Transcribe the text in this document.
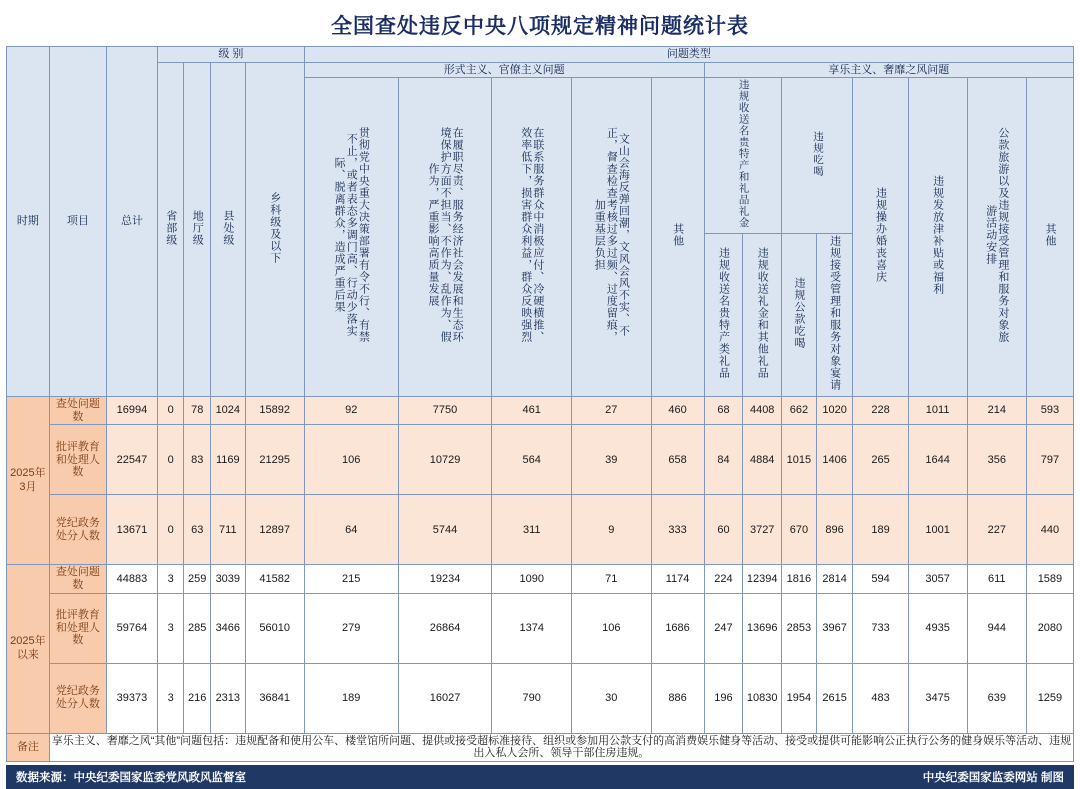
全国查处违反中央八项规定精神问题统计表
时期	项目	总计	级 别				问题类型												
			省部级	地厅级	县处级	乡科级及以下	形式主义、官僚主义问题					享乐主义、奢靡之风问题							
							贯彻党中央重大决策部署有令不行、有禁不止，或者表态多调门高、行动少落实际、脱离群众，造成严重后果	在履职尽责、服务经济社会发展和生态环境保护方面不担当、不作为、乱作为、假作为，严重影响高质量发展	在联系服务群众中消极应付、冷硬横推、效率低下，损害群众利益，群众反映强烈	文山会海反弹回潮，文风会风不实、不正，督查检查考核过多过频、过度留痕，加重基层负担	其他	违规收送名贵特产和礼品礼金		违规吃喝		违规操办婚丧喜庆	违规发放津补贴或福利	公款旅游以及违规接受管理和服务对象旅游活动安排	其他
												违规收送名贵特产类礼品	违规收送礼金和其他礼品	违规公款吃喝	违规接受管理和服务对象宴请				
2025年3月	查处问题数	16994	0	78	1024	15892	92	7750	461	27	460	68	4408	662	1020	228	1011	214	593
	批评教育和处理人数	22547	0	83	1169	21295	106	10729	564	39	658	84	4884	1015	1406	265	1644	356	797
	党纪政务处分人数	13671	0	63	711	12897	64	5744	311	9	333	60	3727	670	896	189	1001	227	440
2025年以来	查处问题数	44883	3	259	3039	41582	215	19234	1090	71	1174	224	12394	1816	2814	594	3057	611	1589
	批评教育和处理人数	59764	3	285	3466	56010	279	26864	1374	106	1686	247	13696	2853	3967	733	4935	944	2080
	党纪政务处分人数	39373	3	216	2313	36841	189	16027	790	30	886	196	10830	1954	2615	483	3475	639	1259
备注	享乐主义、奢靡之风“其他”问题包括：违规配备和使用公车、楼堂馆所问题、提供或接受超标准接待、组织或参加用公款支付的高消费娱乐健身等活动、接受或提供可能影响公正执行公务的健身娱乐等活动、违规出入私人会所、领导干部住房违规。																		
数据来源：中央纪委国家监委党风政风监督室	中央纪委国家监委网站 制图
